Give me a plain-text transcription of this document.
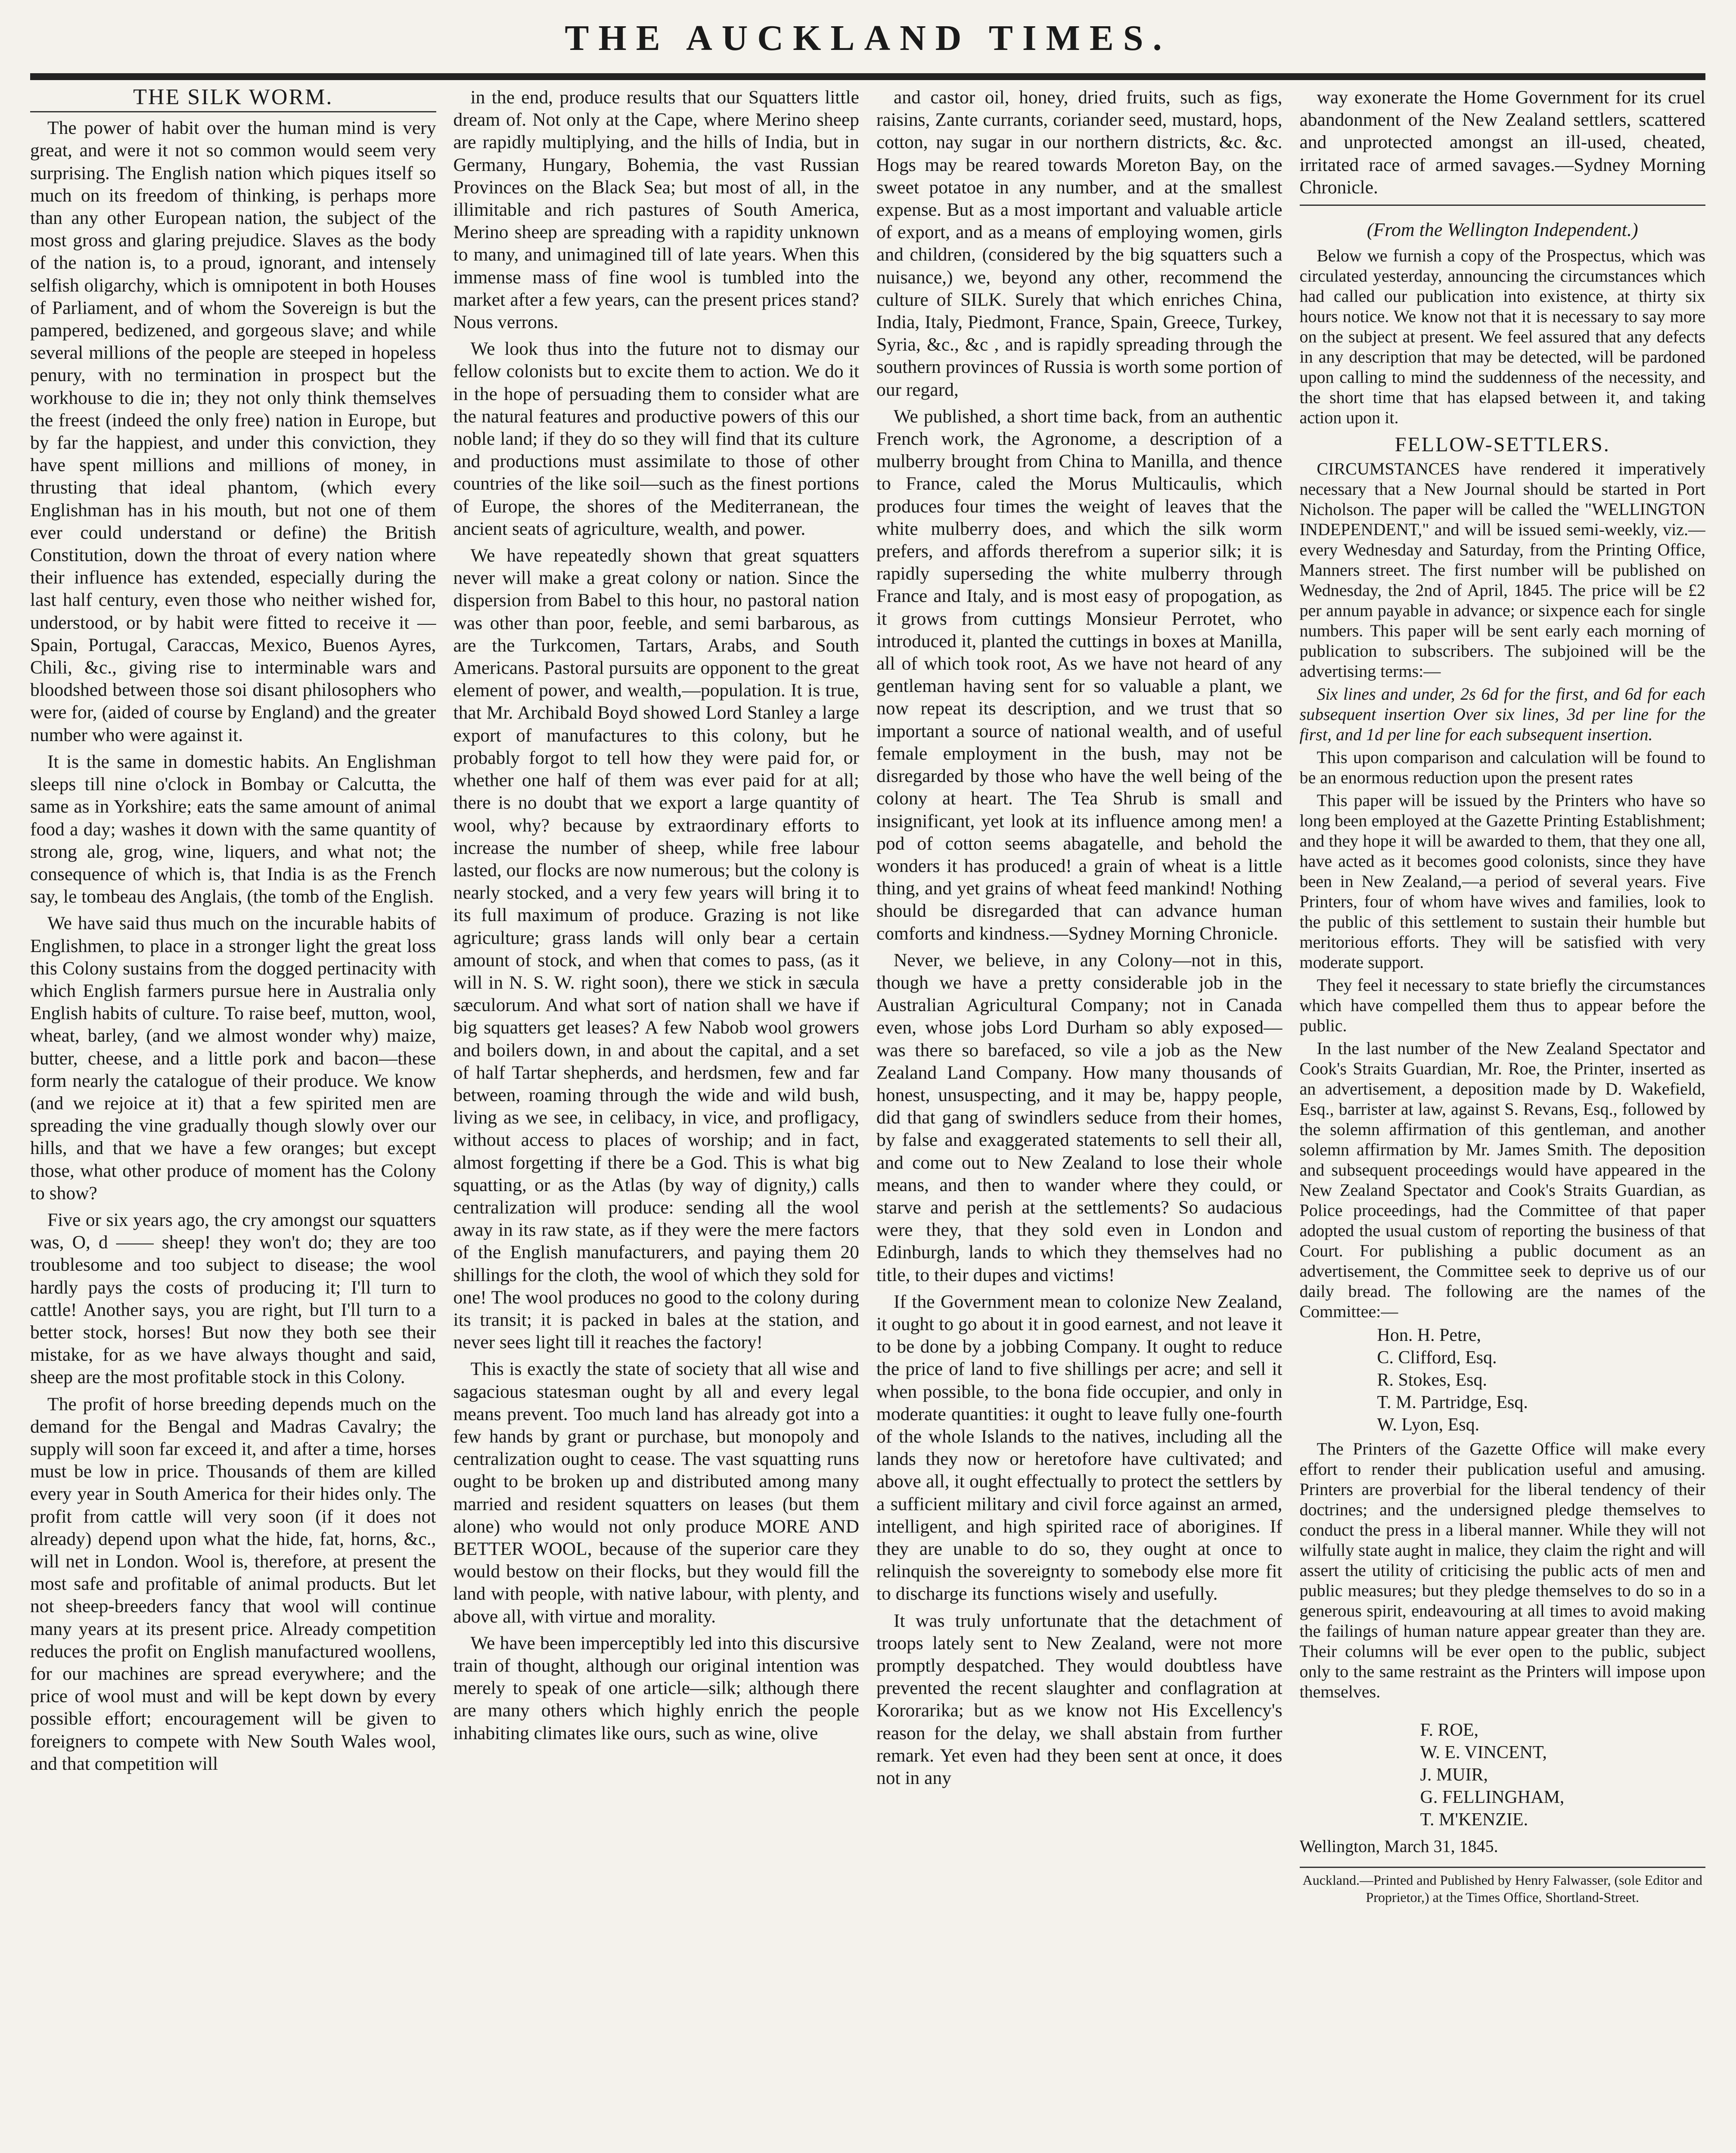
THE AUCKLAND TIMES.
THE SILK WORM.

The power of habit over the human mind is very great, and were it not so common would seem very surprising. The English nation which piques itself so much on its freedom of thinking, is perhaps more than any other European nation, the subject of the most gross and glaring prejudice. Slaves as the body of the nation is, to a proud, ignorant, and intensely selfish oligarchy, which is omnipotent in both Houses of Parliament, and of whom the Sovereign is but the pampered, bedizened, and gorgeous slave; and while several millions of the people are steeped in hopeless penury, with no termination in prospect but the workhouse to die in; they not only think themselves the freest (indeed the only free) nation in Europe, but by far the happiest, and under this conviction, they have spent millions and millions of money, in thrusting that ideal phantom, (which every Englishman has in his mouth, but not one of them ever could understand or define) the British Constitution, down the throat of every nation where their influence has extended, especially during the last half century, even those who neither wished for, understood, or by habit were fitted to receive it — Spain, Portugal, Caraccas, Mexico, Buenos Ayres, Chili, &c., giving rise to interminable wars and bloodshed between those soi disant philosophers who were for, (aided of course by England) and the greater number who were against it.

It is the same in domestic habits. An Englishman sleeps till nine o'clock in Bombay or Calcutta, the same as in Yorkshire; eats the same amount of animal food a day; washes it down with the same quantity of strong ale, grog, wine, liquers, and what not; the consequence of which is, that India is as the French say, le tombeau des Anglais, (the tomb of the English.

We have said thus much on the incurable habits of Englishmen, to place in a stronger light the great loss this Colony sustains from the dogged pertinacity with which English farmers pursue here in Australia only English habits of culture. To raise beef, mutton, wool, wheat, barley, (and we almost wonder why) maize, butter, cheese, and a little pork and bacon—these form nearly the catalogue of their produce. We know (and we rejoice at it) that a few spirited men are spreading the vine gradually though slowly over our hills, and that we have a few oranges; but except those, what other produce of moment has the Colony to show?

Five or six years ago, the cry amongst our squatters was, O, d —— sheep! they won't do; they are too troublesome and too subject to disease; the wool hardly pays the costs of producing it; I'll turn to cattle! Another says, you are right, but I'll turn to a better stock, horses! But now they both see their mistake, for as we have always thought and said, sheep are the most profitable stock in this Colony.

The profit of horse breeding depends much on the demand for the Bengal and Madras Cavalry; the supply will soon far exceed it, and after a time, horses must be low in price. Thousands of them are killed every year in South America for their hides only. The profit from cattle will very soon (if it does not already) depend upon what the hide, fat, horns, &c., will net in London. Wool is, therefore, at present the most safe and profitable of animal products. But let not sheep-breeders fancy that wool will continue many years at its present price. Already competition reduces the profit on English manufactured woollens, for our machines are spread everywhere; and the price of wool must and will be kept down by every possible effort; encouragement will be given to foreigners to compete with New South Wales wool, and that competition will

in the end, produce results that our Squatters little dream of. Not only at the Cape, where Merino sheep are rapidly multiplying, and the hills of India, but in Germany, Hungary, Bohemia, the vast Russian Provinces on the Black Sea; but most of all, in the illimitable and rich pastures of South America, Merino sheep are spreading with a rapidity unknown to many, and unimagined till of late years. When this immense mass of fine wool is tumbled into the market after a few years, can the present prices stand? Nous verrons.

We look thus into the future not to dismay our fellow colonists but to excite them to action. We do it in the hope of persuading them to consider what are the natural features and productive powers of this our noble land; if they do so they will find that its culture and productions must assimilate to those of other countries of the like soil—such as the finest portions of Europe, the shores of the Mediterranean, the ancient seats of agriculture, wealth, and power.

We have repeatedly shown that great squatters never will make a great colony or nation. Since the dispersion from Babel to this hour, no pastoral nation was other than poor, feeble, and semi barbarous, as are the Turkcomen, Tartars, Arabs, and South Americans. Pastoral pursuits are opponent to the great element of power, and wealth,—population. It is true, that Mr. Archibald Boyd showed Lord Stanley a large export of manufactures to this colony, but he probably forgot to tell how they were paid for, or whether one half of them was ever paid for at all; there is no doubt that we export a large quantity of wool, why? because by extraordinary efforts to increase the number of sheep, while free labour lasted, our flocks are now numerous; but the colony is nearly stocked, and a very few years will bring it to its full maximum of produce. Grazing is not like agriculture; grass lands will only bear a certain amount of stock, and when that comes to pass, (as it will in N. S. W. right soon), there we stick in sæcula sæculorum. And what sort of nation shall we have if big squatters get leases? A few Nabob wool growers and boilers down, in and about the capital, and a set of half Tartar shepherds, and herdsmen, few and far between, roaming through the wide and wild bush, living as we see, in celibacy, in vice, and profligacy, without access to places of worship; and in fact, almost forgetting if there be a God. This is what big squatting, or as the Atlas (by way of dignity,) calls centralization will produce: sending all the wool away in its raw state, as if they were the mere factors of the English manufacturers, and paying them 20 shillings for the cloth, the wool of which they sold for one! The wool produces no good to the colony during its transit; it is packed in bales at the station, and never sees light till it reaches the factory!

This is exactly the state of society that all wise and sagacious statesman ought by all and every legal means prevent. Too much land has already got into a few hands by grant or purchase, but monopoly and centralization ought to cease. The vast squatting runs ought to be broken up and distributed among many married and resident squatters on leases (but them alone) who would not only produce MORE AND BETTER WOOL, because of the superior care they would bestow on their flocks, but they would fill the land with people, with native labour, with plenty, and above all, with virtue and morality.

We have been imperceptibly led into this discursive train of thought, although our original intention was merely to speak of one article—silk; although there are many others which highly enrich the people inhabiting climates like ours, such as wine, olive

and castor oil, honey, dried fruits, such as figs, raisins, Zante currants, coriander seed, mustard, hops, cotton, nay sugar in our northern districts, &c. &c. Hogs may be reared towards Moreton Bay, on the sweet potatoe in any number, and at the smallest expense. But as a most important and valuable article of export, and as a means of employing women, girls and children, (considered by the big squatters such a nuisance,) we, beyond any other, recommend the culture of SILK. Surely that which enriches China, India, Italy, Piedmont, France, Spain, Greece, Turkey, Syria, &c., &c , and is rapidly spreading through the southern provinces of Russia is worth some portion of our regard,

We published, a short time back, from an authentic French work, the Agronome, a description of a mulberry brought from China to Manilla, and thence to France, caled the Morus Multicaulis, which produces four times the weight of leaves that the white mulberry does, and which the silk worm prefers, and affords therefrom a superior silk; it is rapidly superseding the white mulberry through France and Italy, and is most easy of propogation, as it grows from cuttings Monsieur Perrotet, who introduced it, planted the cuttings in boxes at Manilla, all of which took root, As we have not heard of any gentleman having sent for so valuable a plant, we now repeat its description, and we trust that so important a source of national wealth, and of useful female employment in the bush, may not be disregarded by those who have the well being of the colony at heart. The Tea Shrub is small and insignificant, yet look at its influence among men! a pod of cotton seems abagatelle, and behold the wonders it has produced! a grain of wheat is a little thing, and yet grains of wheat feed mankind! Nothing should be disregarded that can advance human comforts and kindness.—Sydney Morning Chronicle.

Never, we believe, in any Colony—not in this, though we have a pretty considerable job in the Australian Agricultural Company; not in Canada even, whose jobs Lord Durham so ably exposed—was there so barefaced, so vile a job as the New Zealand Land Company. How many thousands of honest, unsuspecting, and it may be, happy people, did that gang of swindlers seduce from their homes, by false and exaggerated statements to sell their all, and come out to New Zealand to lose their whole means, and then to wander where they could, or starve and perish at the settlements? So audacious were they, that they sold even in London and Edinburgh, lands to which they themselves had no title, to their dupes and victims!

If the Government mean to colonize New Zealand, it ought to go about it in good earnest, and not leave it to be done by a jobbing Company. It ought to reduce the price of land to five shillings per acre; and sell it when possible, to the bona fide occupier, and only in moderate quantities: it ought to leave fully one-fourth of the whole Islands to the natives, including all the lands they now or heretofore have cultivated; and above all, it ought effectually to protect the settlers by a sufficient military and civil force against an armed, intelligent, and high spirited race of aborigines. If they are unable to do so, they ought at once to relinquish the sovereignty to somebody else more fit to discharge its functions wisely and usefully.

It was truly unfortunate that the detachment of troops lately sent to New Zealand, were not more promptly despatched. They would doubtless have prevented the recent slaughter and conflagration at Kororarika; but as we know not His Excellency's reason for the delay, we shall abstain from further remark. Yet even had they been sent at once, it does not in any

way exonerate the Home Government for its cruel abandonment of the New Zealand settlers, scattered and unprotected amongst an ill-used, cheated, irritated race of armed savages.—Sydney Morning Chronicle.

(From the Wellington Independent.)

Below we furnish a copy of the Prospectus, which was circulated yesterday, announcing the circumstances which had called our publication into existence, at thirty six hours notice. We know not that it is necessary to say more on the subject at present. We feel assured that any defects in any description that may be detected, will be pardoned upon calling to mind the suddenness of the necessity, and the short time that has elapsed between it, and taking action upon it.

FELLOW-SETTLERS.

CIRCUMSTANCES have rendered it imperatively necessary that a New Journal should be started in Port Nicholson. The paper will be called the "WELLINGTON INDEPENDENT," and will be issued semi-weekly, viz.—every Wednesday and Saturday, from the Printing Office, Manners street. The first number will be published on Wednesday, the 2nd of April, 1845. The price will be £2 per annum payable in advance; or sixpence each for single numbers. This paper will be sent early each morning of publication to subscribers. The subjoined will be the advertising terms:—

Six lines and under, 2s 6d for the first, and 6d for each subsequent insertion Over six lines, 3d per line for the first, and 1d per line for each subsequent insertion.

This upon comparison and calculation will be found to be an enormous reduction upon the present rates

This paper will be issued by the Printers who have so long been employed at the Gazette Printing Establishment; and they hope it will be awarded to them, that they one all, have acted as it becomes good colonists, since they have been in New Zealand,—a period of several years. Five Printers, four of whom have wives and families, look to the public of this settlement to sustain their humble but meritorious efforts. They will be satisfied with very moderate support.

They feel it necessary to state briefly the circumstances which have compelled them thus to appear before the public.

In the last number of the New Zealand Spectator and Cook's Straits Guardian, Mr. Roe, the Printer, inserted as an advertisement, a deposition made by D. Wakefield, Esq., barrister at law, against S. Revans, Esq., followed by the solemn affirmation of this gentleman, and another solemn affirmation by Mr. James Smith. The deposition and subsequent proceedings would have appeared in the New Zealand Spectator and Cook's Straits Guardian, as Police proceedings, had the Committee of that paper adopted the usual custom of reporting the business of that Court. For publishing a public document as an advertisement, the Committee seek to deprive us of our daily bread. The following are the names of the Committee:—

Hon. H. Petre,
C. Clifford, Esq.
R. Stokes, Esq.
T. M. Partridge, Esq.
W. Lyon, Esq.

The Printers of the Gazette Office will make every effort to render their publication useful and amusing. Printers are proverbial for the liberal tendency of their doctrines; and the undersigned pledge themselves to conduct the press in a liberal manner. While they will not wilfully state aught in malice, they claim the right and will assert the utility of criticising the public acts of men and public measures; but they pledge themselves to do so in a generous spirit, endeavouring at all times to avoid making the failings of human nature appear greater than they are. Their columns will be ever open to the public, subject only to the same restraint as the Printers will impose upon themselves.

F. ROE,
W. E. VINCENT,
J. MUIR,
G. FELLINGHAM,
T. M'KENZIE.
Wellington, March 31, 1845.
Auckland.—Printed and Published by Henry Falwasser, (sole Editor and Proprietor,) at the Times Office, Shortland-Street.
